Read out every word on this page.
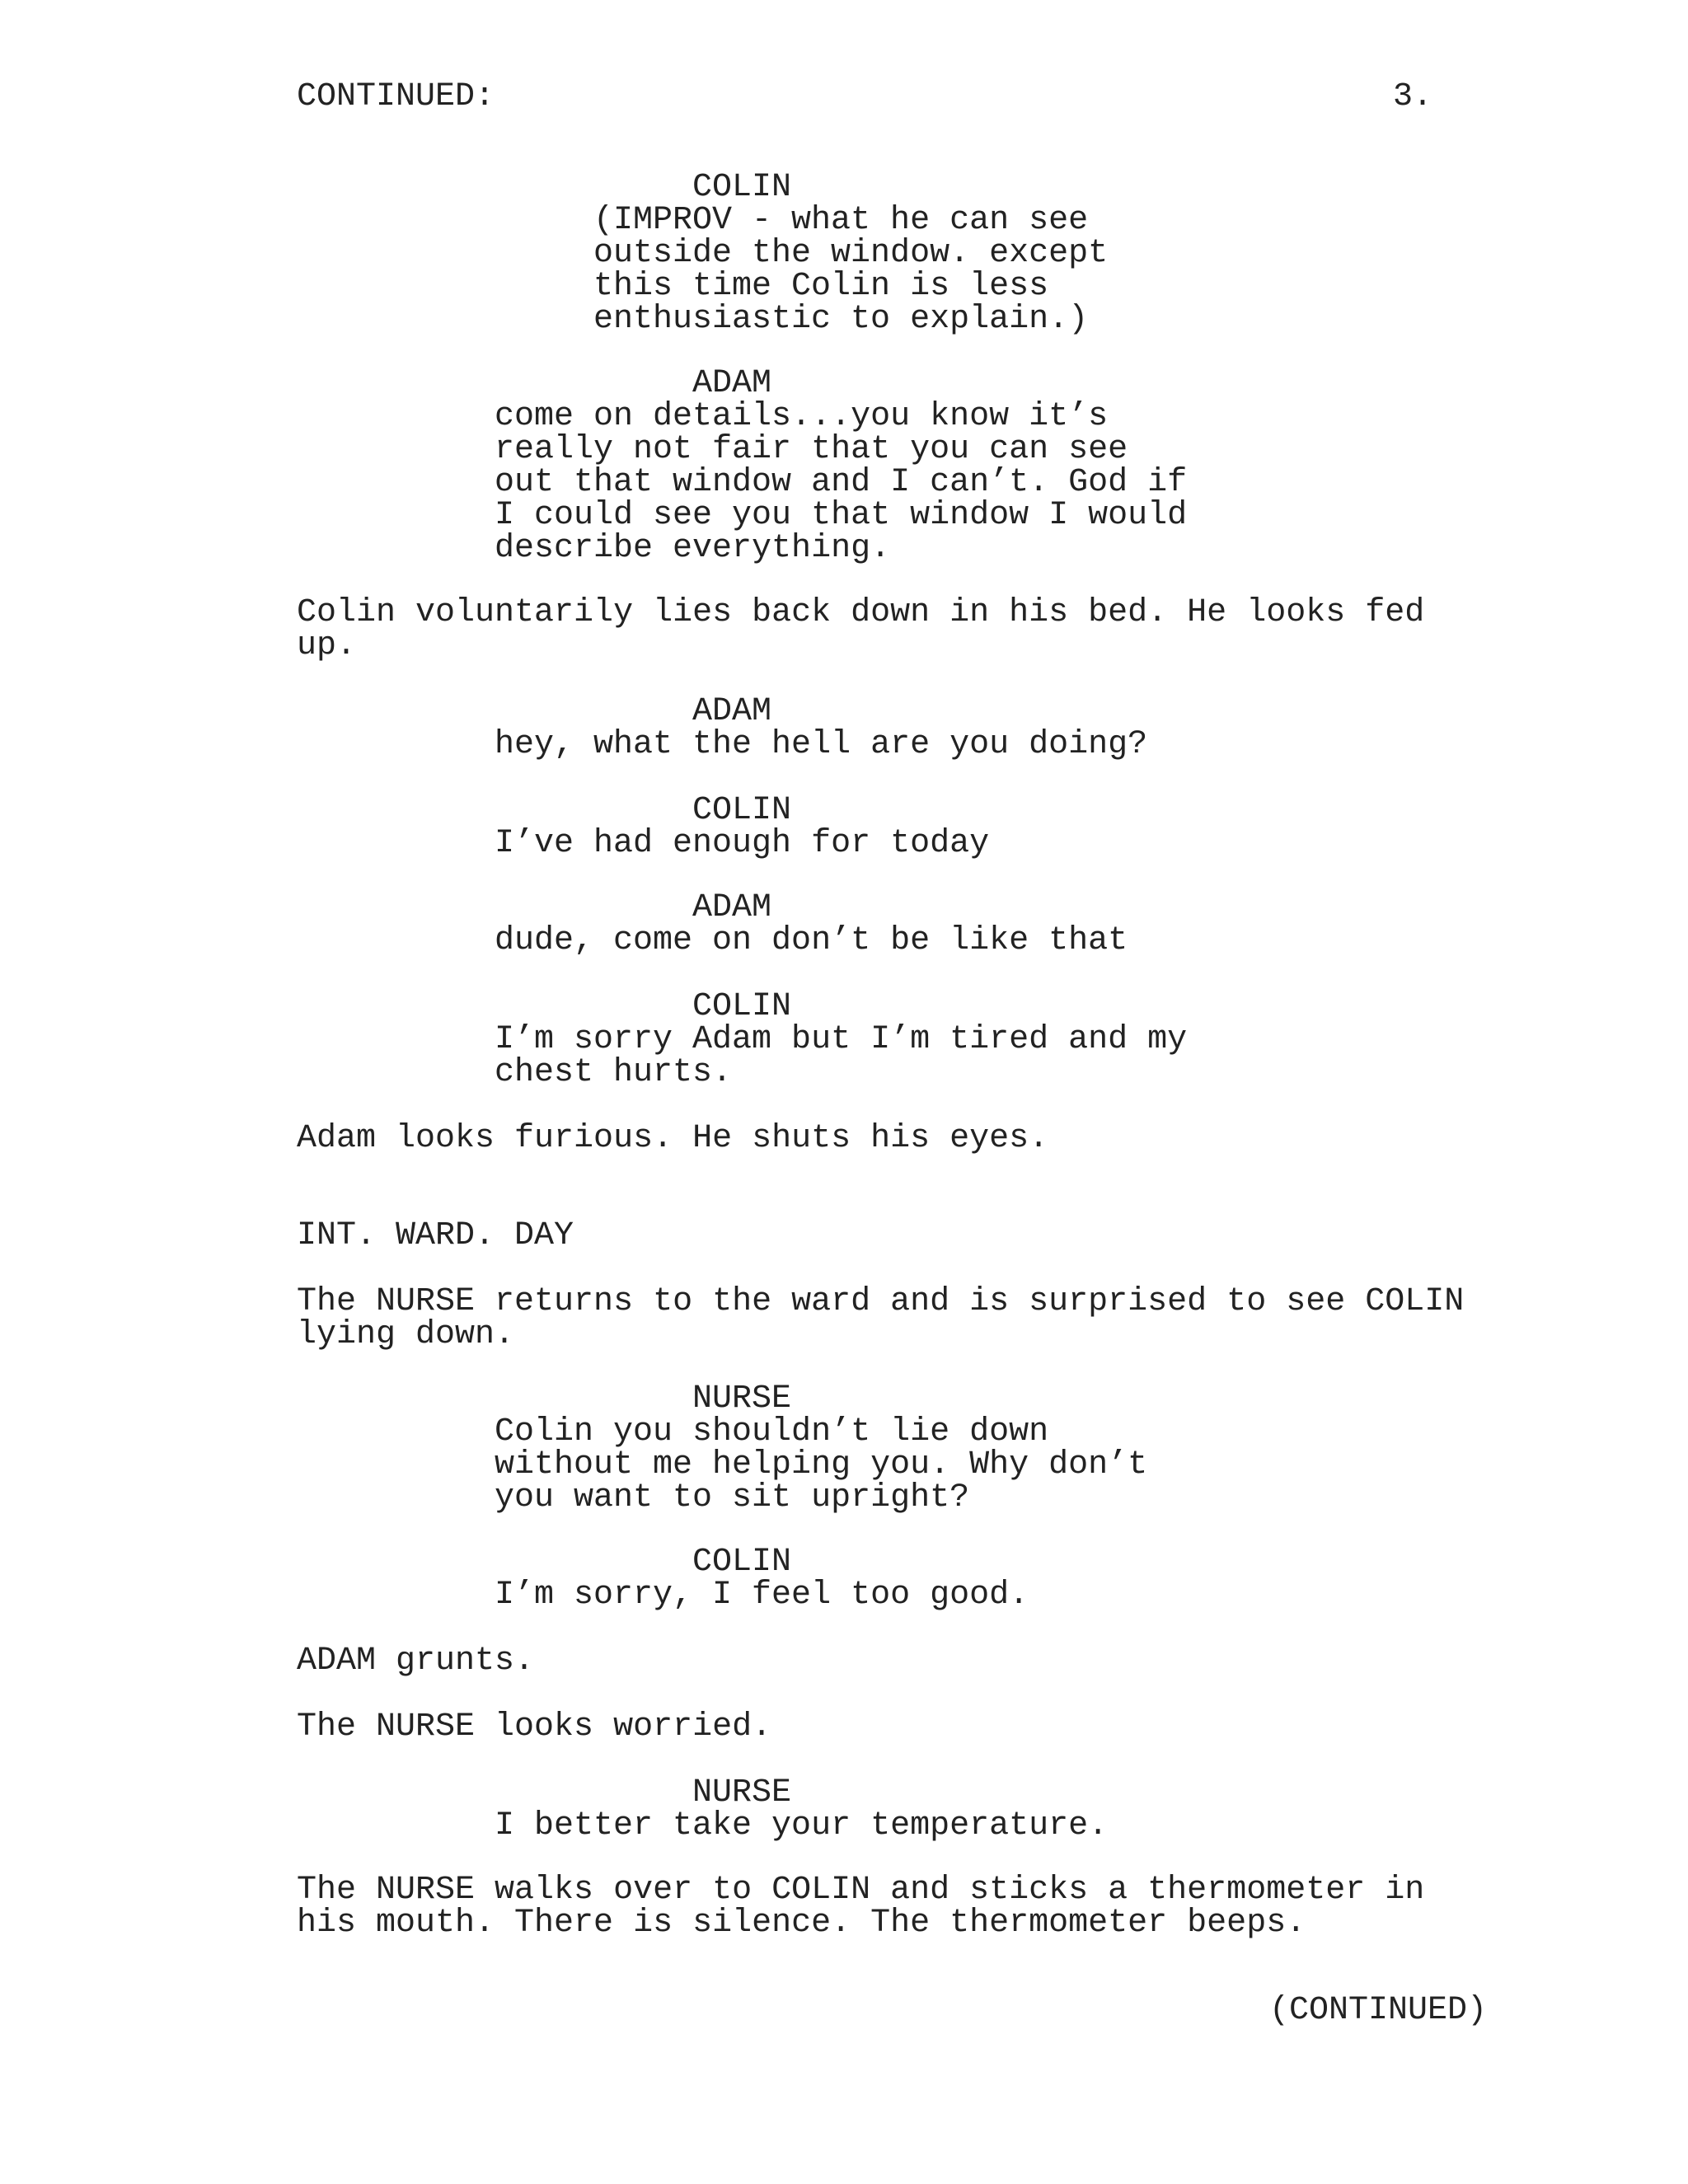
CONTINUED:	3.
COLIN
(IMPROV - what he can see
outside the window. except
this time Colin is less
enthusiastic to explain.)
ADAM
come on details...you know it’s
really not fair that you can see
out that window and I can’t. God if
I could see you that window I would
describe everything.
Colin voluntarily lies back down in his bed. He looks fed
up.
ADAM
hey, what the hell are you doing?
COLIN
I’ve had enough for today
ADAM
dude, come on don’t be like that
COLIN
I’m sorry Adam but I’m tired and my
chest hurts.
Adam looks furious. He shuts his eyes.
INT. WARD. DAY
The NURSE returns to the ward and is surprised to see COLIN
lying down.
NURSE
Colin you shouldn’t lie down
without me helping you. Why don’t
you want to sit upright?
COLIN
I’m sorry, I feel too good.
ADAM grunts.
The NURSE looks worried.
NURSE
I better take your temperature.
The NURSE walks over to COLIN and sticks a thermometer in
his mouth. There is silence. The thermometer beeps.
(CONTINUED)
